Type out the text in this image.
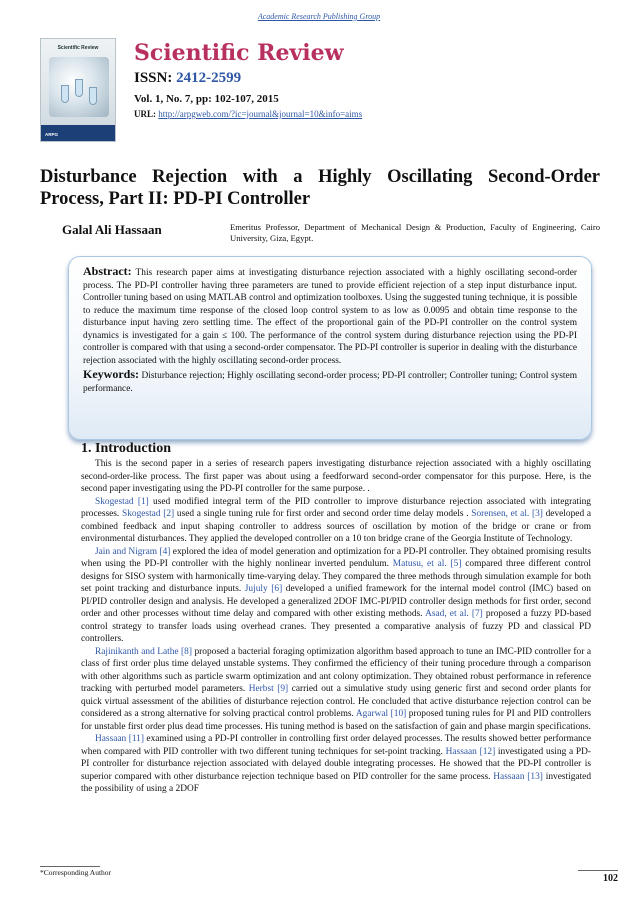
Academic Research Publishing Group
Scientific Review
ARPG
Scientific Review
ISSN: 2412-2599
Vol. 1, No. 7, pp: 102-107, 2015
URL: http://arpgweb.com/?ic=journal&journal=10&info=aims
Disturbance Rejection with a Highly Oscillating Second-Order Process, Part II: PD-PI Controller
Galal Ali Hassaan	Emeritus Professor, Department of Mechanical Design & Production, Faculty of Engineering, Cairo University, Giza, Egypt.

Abstract: This research paper aims at investigating disturbance rejection associated with a highly oscillating second-order process. The PD-PI controller having three parameters are tuned to provide efficient rejection of a step input disturbance input. Controller tuning based on using MATLAB control and optimization toolboxes. Using the suggested tuning technique, it is possible to reduce the maximum time response of the closed loop control system to as low as 0.0095 and obtain time response to the disturbance input having zero settling time. The effect of the proportional gain of the PD-PI controller on the control system dynamics is investigated for a gain ≤ 100. The performance of the control system during disturbance rejection using the PD-PI controller is compared with that using a second-order compensator. The PD-PI controller is superior in dealing with the disturbance rejection associated with the highly oscillating second-order process.

Keywords: Disturbance rejection; Highly oscillating second-order process; PD-PI controller; Controller tuning; Control system performance.

1. Introduction

This is the second paper in a series of research papers investigating disturbance rejection associated with a highly oscillating second-order-like process. The first paper was about using a feedforward second-order compensator for this purpose. Here, is the second paper investigating using the PD-PI controller for the same purpose. .

Skogestad [1] used modified integral term of the PID controller to improve disturbance rejection associated with integrating processes. Skogestad [2] used a single tuning rule for first order and second order time delay models . Sorensen, et al. [3] developed a combined feedback and input shaping controller to address sources of oscillation by motion of the bridge or crane or from environmental disturbances. They applied the developed controller on a 10 ton bridge crane of the Georgia Institute of Technology.

Jain and Nigram [4] explored the idea of model generation and optimization for a PD-PI controller. They obtained promising results when using the PD-PI controller with the highly nonlinear inverted pendulum. Matusu, et al. [5] compared three different control designs for SISO system with harmonically time-varying delay. They compared the three methods through simulation example for both set point tracking and disturbance inputs. Jujuly [6] developed a unified framework for the internal model control (IMC) based on PI/PID controller design and analysis. He developed a generalized 2DOF IMC-PI/PID controller design methods for first order, second order and other processes without time delay and compared with other existing methods. Asad, et al. [7] proposed a fuzzy PD-based control strategy to transfer loads using overhead cranes. They presented a comparative analysis of fuzzy PD and classical PD controllers.

Rajinikanth and Lathe [8] proposed a bacterial foraging optimization algorithm based approach to tune an IMC-PID controller for a class of first order plus time delayed unstable systems. They confirmed the efficiency of their tuning procedure through a comparison with other algorithms such as particle swarm optimization and ant colony optimization. They obtained robust performance in reference tracking with perturbed model parameters. Herbst [9] carried out a simulative study using generic first and second order plants for quick virtual assessment of the abilities of disturbance rejection control. He concluded that active disturbance rejection control can be considered as a strong alternative for solving practical control problems. Agarwal [10] proposed tuning rules for PI and PID controllers for unstable first order plus dead time processes. His tuning method is based on the satisfaction of gain and phase margin specifications.

Hassaan [11] examined using a PD-PI controller in controlling first order delayed processes. The results showed better performance when compared with PID controller with two different tuning techniques for set-point tracking. Hassaan [12] investigated using a PD-PI controller for disturbance rejection associated with delayed double integrating processes. He showed that the PD-PI controller is superior compared with other disturbance rejection technique based on PID controller for the same process. Hassaan [13] investigated the possibility of using a 2DOF

*Corresponding Author
102
